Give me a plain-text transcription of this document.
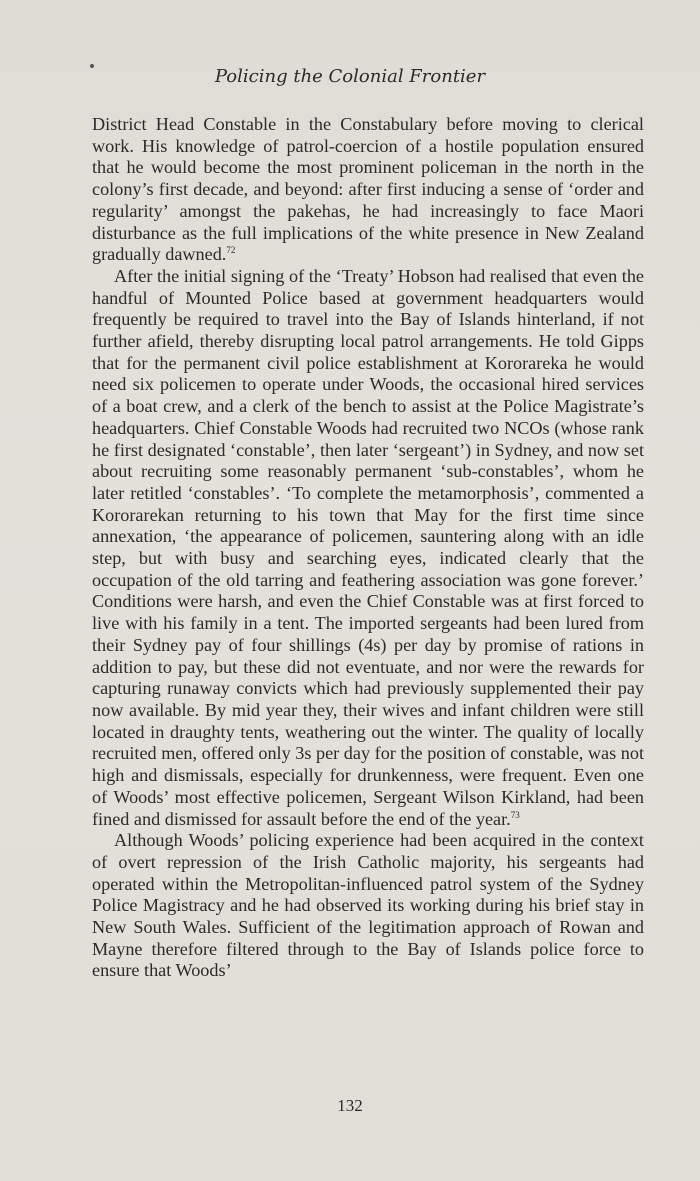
Policing the Colonial Frontier

District Head Constable in the Constabulary before moving to clerical work. His knowledge of patrol-coercion of a hostile population ensured that he would become the most prominent policeman in the north in the colony’s first decade, and beyond: after first inducing a sense of ‘order and regularity’ amongst the pakehas, he had increasingly to face Maori disturbance as the full implications of the white presence in New Zealand gradually dawned.$^{72}$

After the initial signing of the ‘Treaty’ Hobson had realised that even the handful of Mounted Police based at government headquarters would frequently be required to travel into the Bay of Islands hinterland, if not further afield, thereby disrupting local patrol arrangements. He told Gipps that for the permanent civil police establishment at Kororareka he would need six policemen to operate under Woods, the occasional hired services of a boat crew, and a clerk of the bench to assist at the Police Magistrate’s headquarters. Chief Constable Woods had recruited two NCOs (whose rank he first designated ‘constable’, then later ‘sergeant’) in Sydney, and now set about recruiting some reasonably permanent ‘sub-constables’, whom he later retitled ‘constables’. ‘To complete the metamorphosis’, commented a Kororarekan returning to his town that May for the first time since annexation, ‘the appearance of policemen, sauntering along with an idle step, but with busy and searching eyes, indicated clearly that the occupation of the old tarring and feathering association was gone forever.’ Conditions were harsh, and even the Chief Constable was at first forced to live with his family in a tent. The imported sergeants had been lured from their Sydney pay of four shillings (4s) per day by promise of rations in addition to pay, but these did not eventuate, and nor were the rewards for capturing runaway convicts which had previously supplemented their pay now available. By mid year they, their wives and infant children were still located in draughty tents, weathering out the winter. The quality of locally recruited men, offered only 3s per day for the position of constable, was not high and dismissals, especially for drunkenness, were frequent. Even one of Woods’ most effective policemen, Sergeant Wilson Kirkland, had been fined and dismissed for assault before the end of the year.$^{73}$

Although Woods’ policing experience had been acquired in the context of overt repression of the Irish Catholic majority, his sergeants had operated within the Metropolitan-influenced patrol system of the Sydney Police Magistracy and he had observed its working during his brief stay in New South Wales. Sufficient of the legitimation approach of Rowan and Mayne therefore filtered through to the Bay of Islands police force to ensure that Woods’

132
